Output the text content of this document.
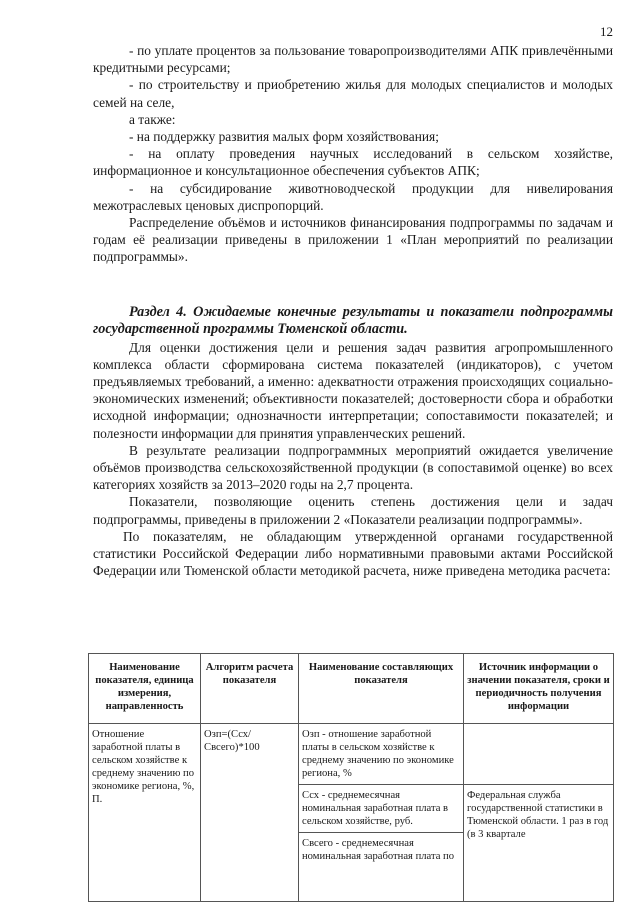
12

- по уплате процентов за пользование товаропроизводителями АПК привлечёнными кредитными ресурсами;

- по строительству и приобретению жилья для молодых специалистов и молодых семей на селе,

а также:

- на поддержку развития малых форм хозяйствования;

- на оплату проведения научных исследований в сельском хозяйстве, информационное и консультационное обеспечения субъектов АПК;

- на субсидирование животноводческой продукции для нивелирования межотраслевых ценовых диспропорций.

Распределение объёмов и источников финансирования подпрограммы по задачам и годам её реализации приведены в приложении 1 «План мероприятий по реализации подпрограммы».

Раздел 4. Ожидаемые конечные результаты и показатели подпрограммы государственной программы Тюменской области.

Для оценки достижения цели и решения задач развития агропромышленного комплекса области сформирована система показателей (индикаторов), с учетом предъявляемых требований, а именно: адекватности отражения происходящих социально-экономических изменений; объективности показателей; достоверности сбора и обработки исходной информации; однозначности интерпретации; сопоставимости показателей; и полезности информации для принятия управленческих решений.

В результате реализации подпрограммных мероприятий ожидается увеличение объёмов производства сельскохозяйственной продукции (в сопоставимой оценке) во всех категориях хозяйств за 2013–2020 годы на 2,7 процента.

Показатели, позволяющие оценить степень достижения цели и задач подпрограммы, приведены в приложении 2 «Показатели реализации подпрограммы».

По показателям, не обладающим утвержденной органами государственной статистики Российской Федерации либо нормативными правовыми актами Российской Федерации или Тюменской области методикой расчета, ниже приведена методика расчета:

Наименование показателя, единица измерения, направленность	Алгоритм расчета показателя	Наименование составляющих показателя	Источник информации о значении показателя, сроки и периодичность получения информации
Отношение заработной платы в сельском хозяйстве к среднему значению по экономике региона, %, П.	Озп=(Ссх/Свсего)*100	Озп - отношение заработной платы в сельском хозяйстве к среднему значению по экономике региона, %	
		Ссх - среднемесячная номинальная заработная плата в сельском хозяйстве, руб.	Федеральная служба государственной статистики в Тюменской области. 1 раз в год (в 3 квартале
		Свсего - среднемесячная номинальная заработная плата по	
